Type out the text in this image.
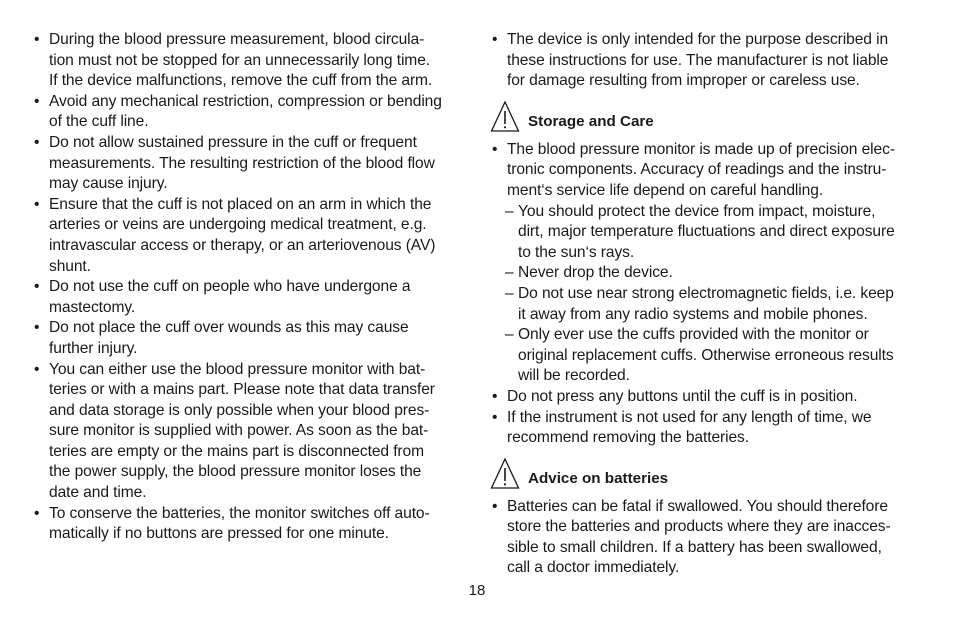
• During the blood pressure measurement, blood circula-
tion must not be stopped for an unnecessarily long time.
If the device malfunctions, remove the cuff from the arm.
• Avoid any mechanical restriction, compression or bending
of the cuff line.
• Do not allow sustained pressure in the cuff or frequent
measurements. The resulting restriction of the blood flow
may cause injury.
• Ensure that the cuff is not placed on an arm in which the
arteries or veins are undergoing medical treatment, e.g.
intravascular access or therapy, or an arteriovenous (AV)
shunt.
• Do not use the cuff on people who have undergone a
mastectomy.
• Do not place the cuff over wounds as this may cause
further injury.
• You can either use the blood pressure monitor with bat-
teries or with a mains part. Please note that data transfer
and data storage is only possible when your blood pres-
sure monitor is supplied with power. As soon as the bat-
teries are empty or the mains part is disconnected from
the power supply, the blood pressure monitor loses the
date and time.
• To conserve the batteries, the monitor switches off auto-
matically if no buttons are pressed for one minute.
• The device is only intended for the purpose described in
these instructions for use. The manufacturer is not liable
for damage resulting from improper or careless use.
Storage and Care
• The blood pressure monitor is made up of precision elec-
tronic components. Accuracy of readings and the instru-
ment‘s service life depend on careful handling.
– You should protect the device from impact, moisture,
dirt, major temperature fluctuations and direct exposure
to the sun‘s rays.
– Never drop the device.
– Do not use near strong electromagnetic fields, i.e. keep
it away from any radio systems and mobile phones.
– Only ever use the cuffs provided with the monitor or
original replacement cuffs. Otherwise erroneous results
will be recorded.
• Do not press any buttons until the cuff is in position.
• If the instrument is not used for any length of time, we
recommend removing the batteries.
Advice on batteries
• Batteries can be fatal if swallowed. You should therefore
store the batteries and products where they are inacces-
sible to small children. If a battery has been swallowed,
call a doctor immediately.
18
